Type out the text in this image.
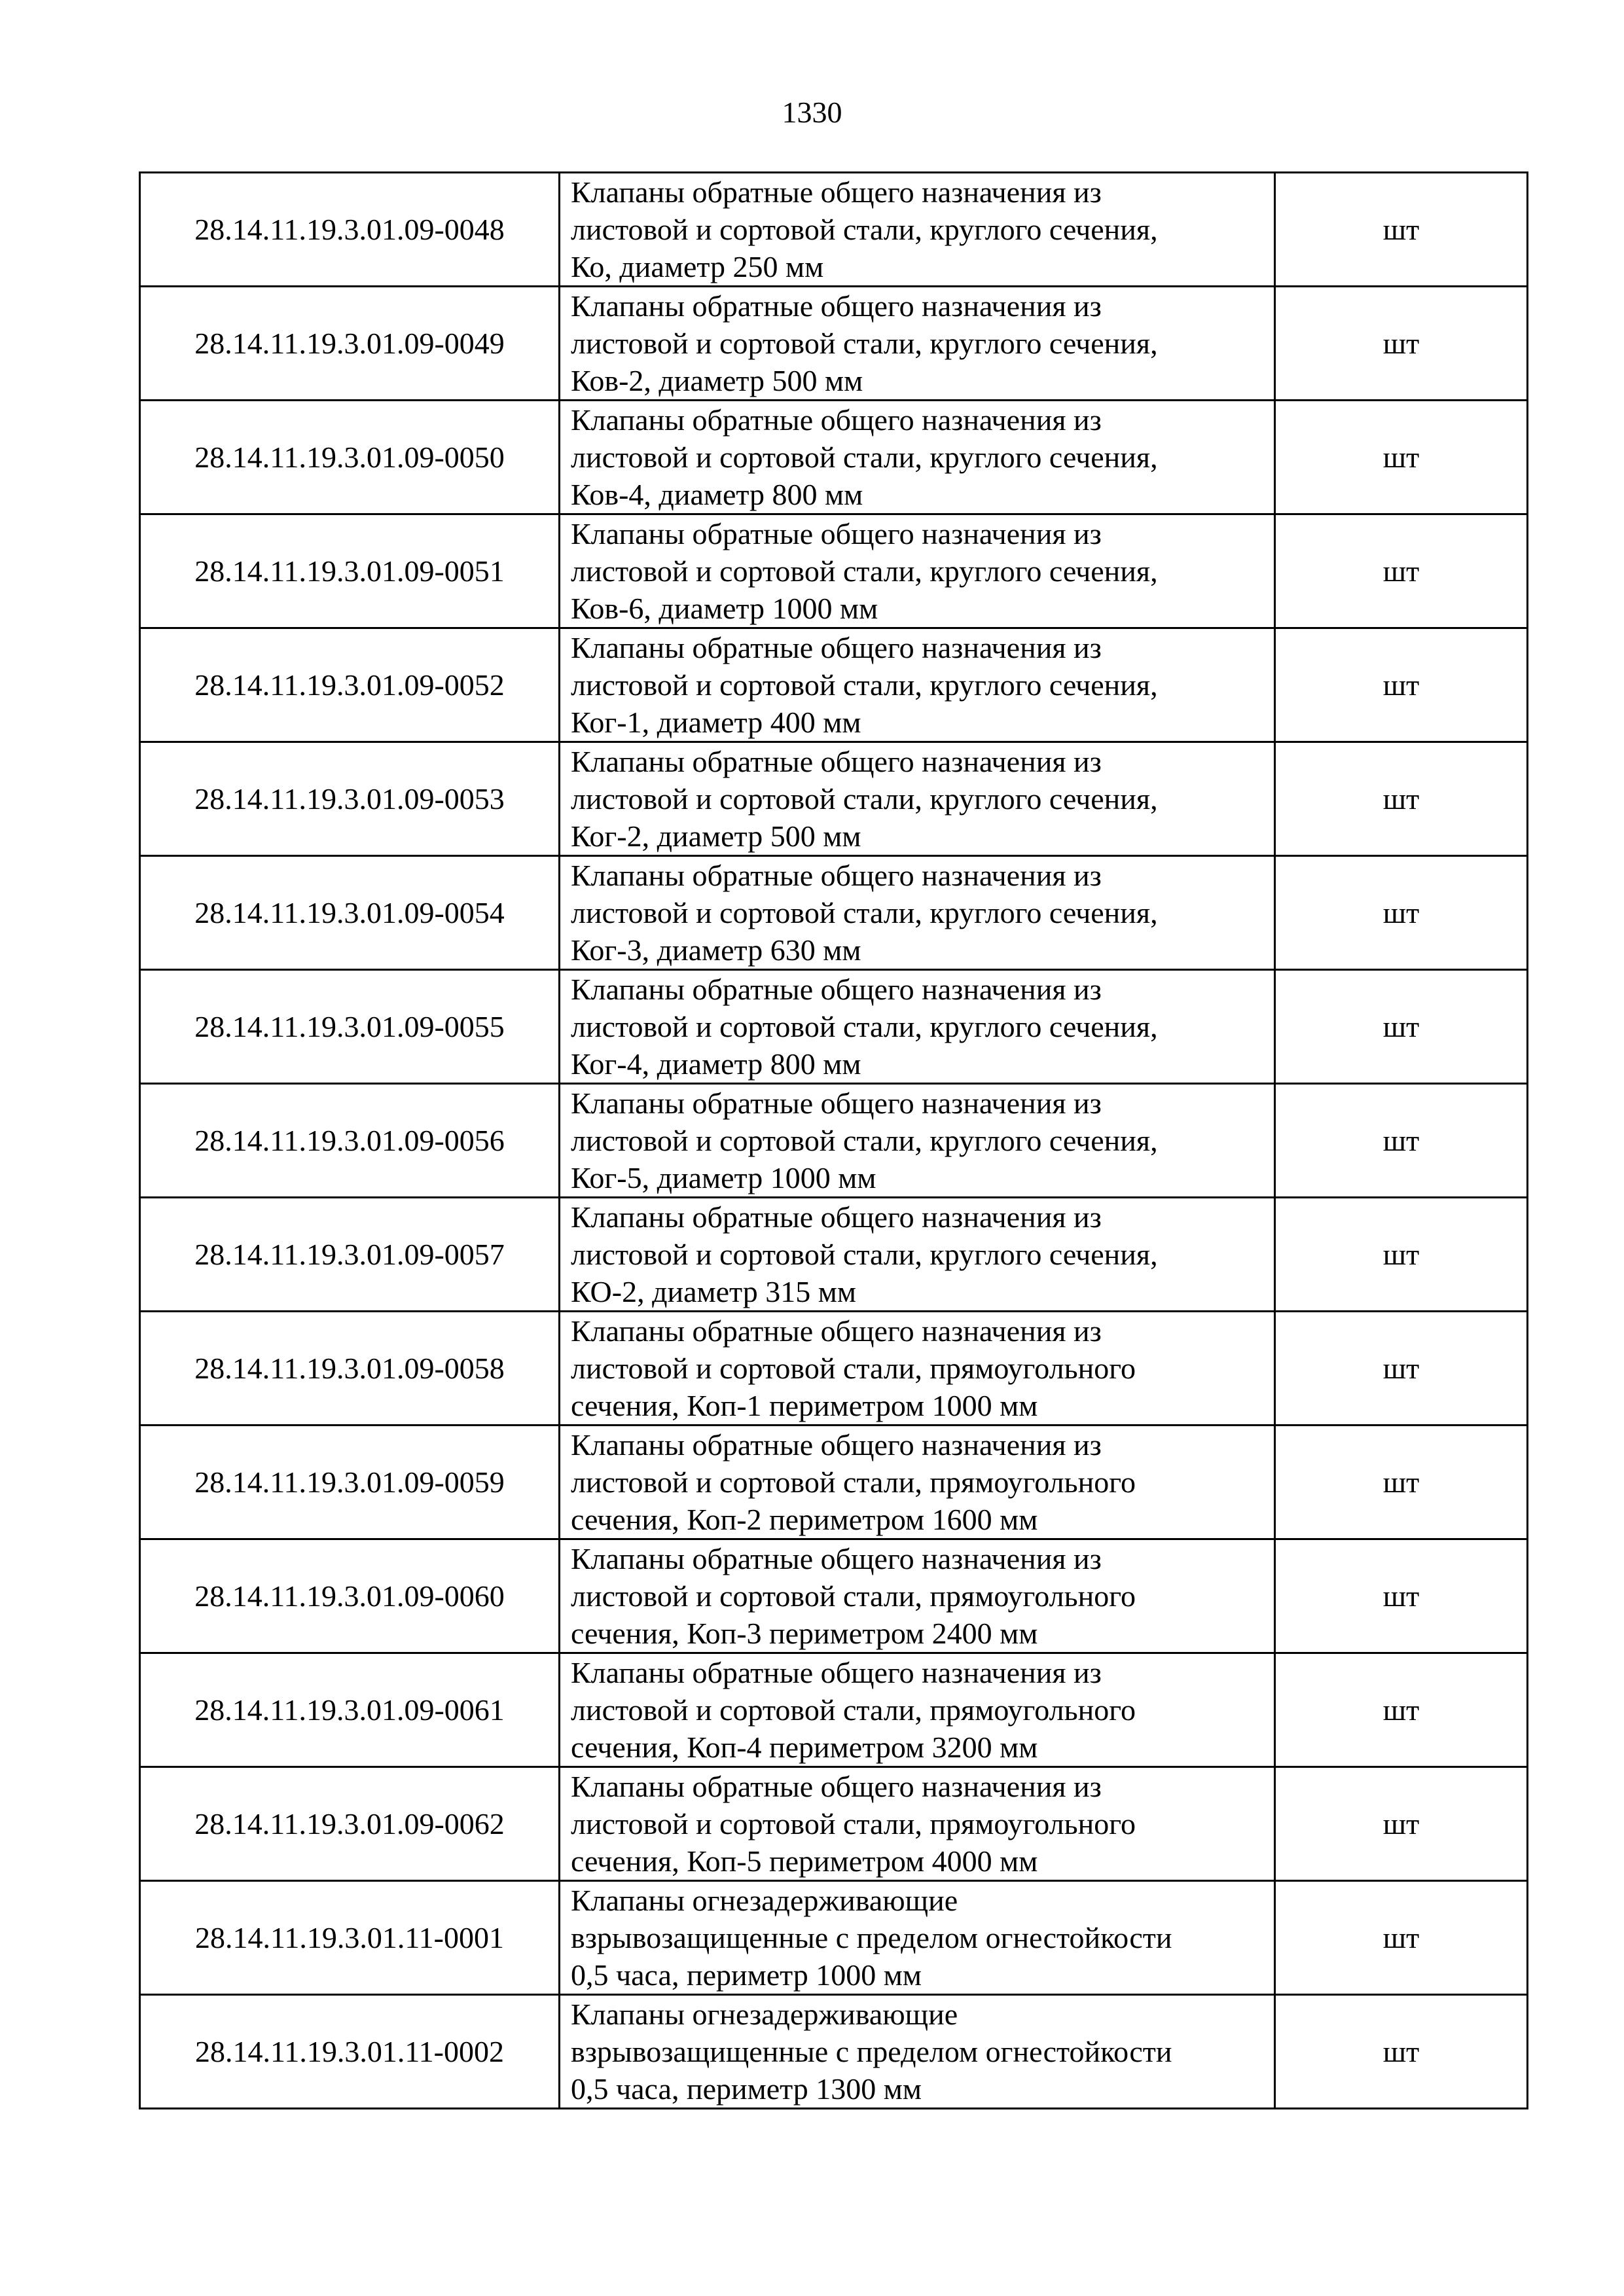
1330
28.14.11.19.3.01.09-0048	Клапаны обратные общего назначения из
листовой и сортовой стали, круглого сечения,
Ко, диаметр 250 мм	шт
28.14.11.19.3.01.09-0049	Клапаны обратные общего назначения из
листовой и сортовой стали, круглого сечения,
Ков-2, диаметр 500 мм	шт
28.14.11.19.3.01.09-0050	Клапаны обратные общего назначения из
листовой и сортовой стали, круглого сечения,
Ков-4, диаметр 800 мм	шт
28.14.11.19.3.01.09-0051	Клапаны обратные общего назначения из
листовой и сортовой стали, круглого сечения,
Ков-6, диаметр 1000 мм	шт
28.14.11.19.3.01.09-0052	Клапаны обратные общего назначения из
листовой и сортовой стали, круглого сечения,
Ког-1, диаметр 400 мм	шт
28.14.11.19.3.01.09-0053	Клапаны обратные общего назначения из
листовой и сортовой стали, круглого сечения,
Ког-2, диаметр 500 мм	шт
28.14.11.19.3.01.09-0054	Клапаны обратные общего назначения из
листовой и сортовой стали, круглого сечения,
Ког-3, диаметр 630 мм	шт
28.14.11.19.3.01.09-0055	Клапаны обратные общего назначения из
листовой и сортовой стали, круглого сечения,
Ког-4, диаметр 800 мм	шт
28.14.11.19.3.01.09-0056	Клапаны обратные общего назначения из
листовой и сортовой стали, круглого сечения,
Ког-5, диаметр 1000 мм	шт
28.14.11.19.3.01.09-0057	Клапаны обратные общего назначения из
листовой и сортовой стали, круглого сечения,
КО-2, диаметр 315 мм	шт
28.14.11.19.3.01.09-0058	Клапаны обратные общего назначения из
листовой и сортовой стали, прямоугольного
сечения, Коп-1 периметром 1000 мм	шт
28.14.11.19.3.01.09-0059	Клапаны обратные общего назначения из
листовой и сортовой стали, прямоугольного
сечения, Коп-2 периметром 1600 мм	шт
28.14.11.19.3.01.09-0060	Клапаны обратные общего назначения из
листовой и сортовой стали, прямоугольного
сечения, Коп-3 периметром 2400 мм	шт
28.14.11.19.3.01.09-0061	Клапаны обратные общего назначения из
листовой и сортовой стали, прямоугольного
сечения, Коп-4 периметром 3200 мм	шт
28.14.11.19.3.01.09-0062	Клапаны обратные общего назначения из
листовой и сортовой стали, прямоугольного
сечения, Коп-5 периметром 4000 мм	шт
28.14.11.19.3.01.11-0001	Клапаны огнезадерживающие
взрывозащищенные с пределом огнестойкости
0,5 часа, периметр 1000 мм	шт
28.14.11.19.3.01.11-0002	Клапаны огнезадерживающие
взрывозащищенные с пределом огнестойкости
0,5 часа, периметр 1300 мм	шт
